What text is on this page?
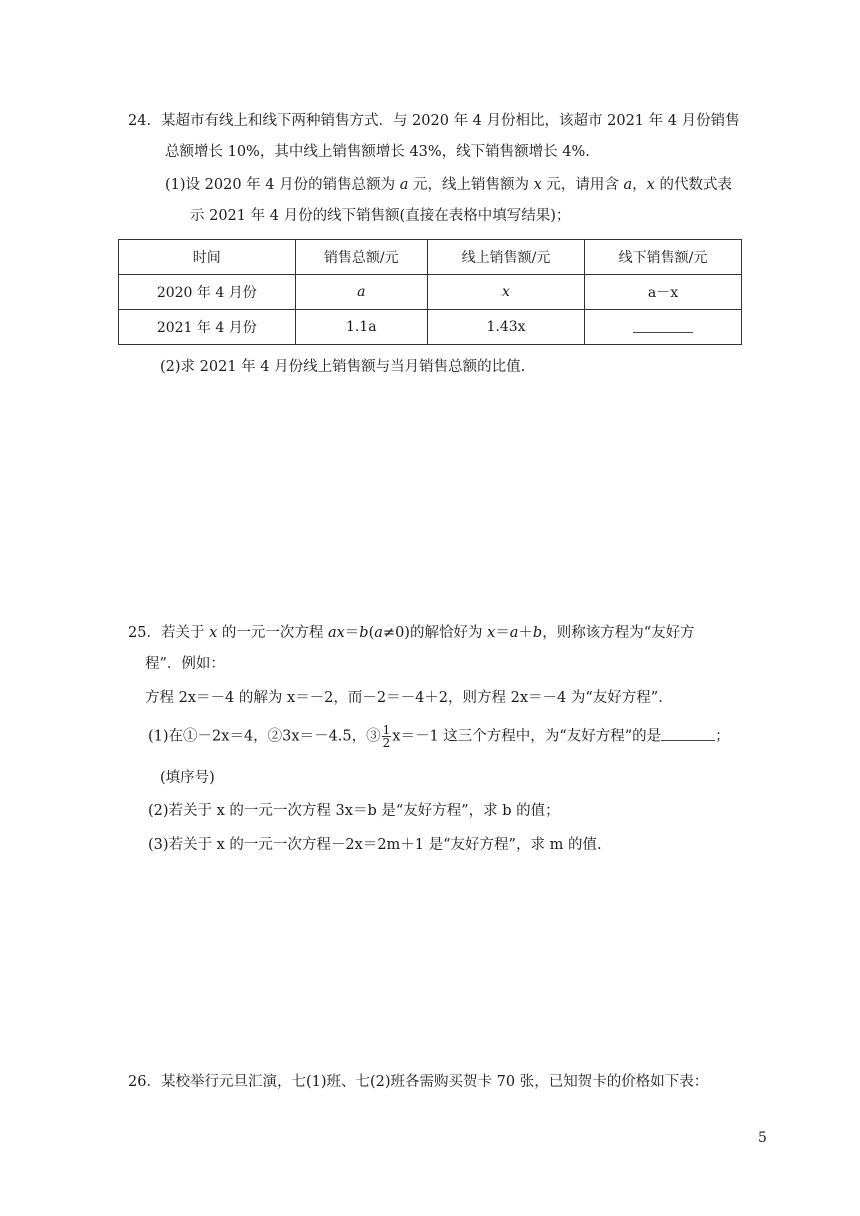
24．某超市有线上和线下两种销售方式．与 2020 年 4 月份相比，该超市 2021 年 4 月份销售
总额增长 10%，其中线上销售额增长 43%，线下销售额增长 4%.
(1)设 2020 年 4 月份的销售总额为 a 元，线上销售额为 x 元，请用含 a，x 的代数式表
示 2021 年 4 月份的线下销售额(直接在表格中填写结果)；
时间	销售总额/元	线上销售额/元	线下销售额/元
2020 年 4 月份	a	x	a－x
2021 年 4 月份	1.1a	1.43x	
(2)求 2021 年 4 月份线上销售额与当月销售总额的比值.
25．若关于 x 的一元一次方程 ax＝b(a≠0)的解恰好为 x＝a＋b，则称该方程为“友好方
程”．例如：
方程 2x＝－4 的解为 x＝－2，而－2＝－4＋2，则方程 2x＝－4 为“友好方程”．
(1)在①－2x＝4，②3x＝－4.5，③ $\frac{1}{2} x=-1$ 这三个方程中，为“友好方程”的是	；
(填序号)
(2)若关于 x 的一元一次方程 3x＝b 是“友好方程”，求 b 的值；
(3)若关于 x 的一元一次方程－2x＝2m＋1 是“友好方程”，求 m 的值.
26．某校举行元旦汇演，七(1)班、七(2)班各需购买贺卡 70 张，已知贺卡的价格如下表：
5
